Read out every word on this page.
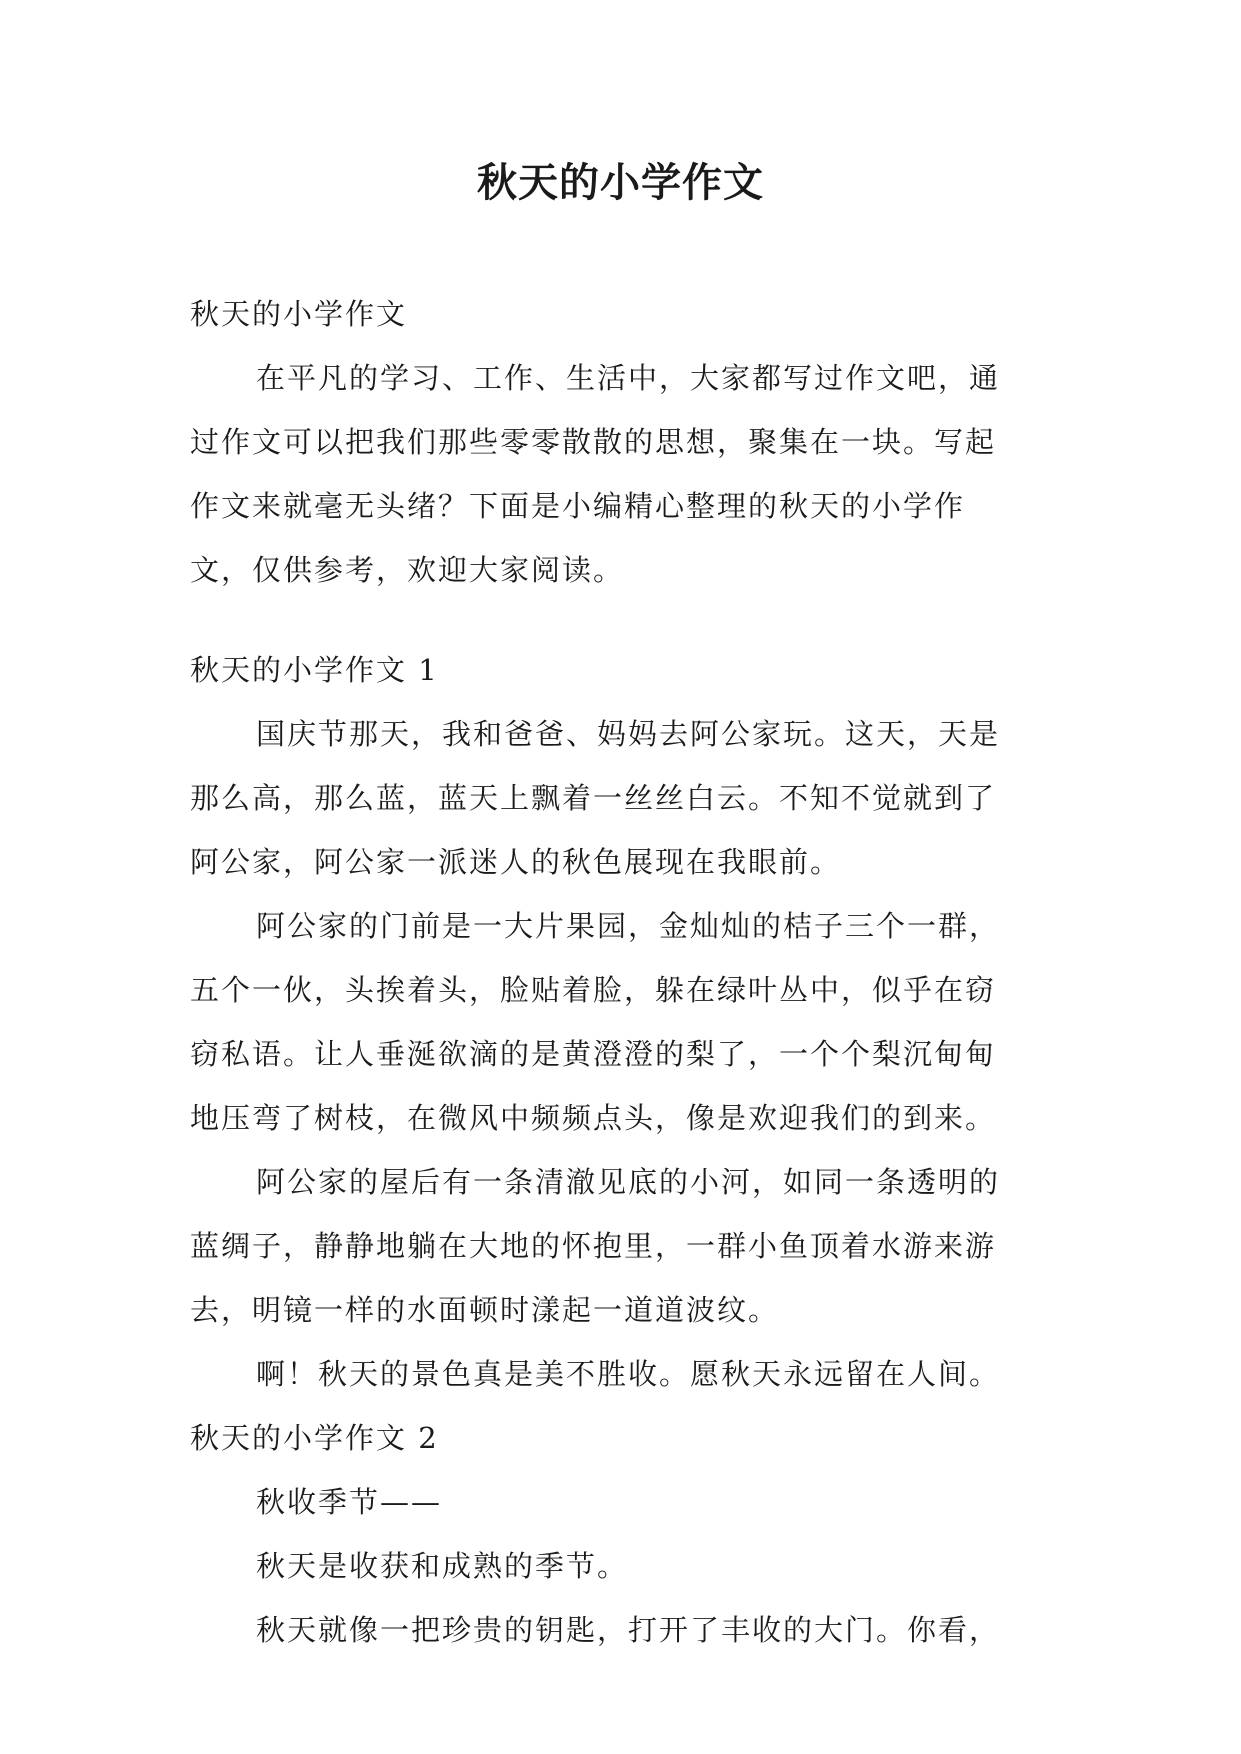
秋天的小学作文
秋天的小学作文
在平凡的学习、工作、生活中，大家都写过作文吧，通
过作文可以把我们那些零零散散的思想，聚集在一块。写起
作文来就毫无头绪？下面是小编精心整理的秋天的小学作
文，仅供参考，欢迎大家阅读。
秋天的小学作文 1
国庆节那天，我和爸爸、妈妈去阿公家玩。这天，天是
那么高，那么蓝，蓝天上飘着一丝丝白云。不知不觉就到了
阿公家，阿公家一派迷人的秋色展现在我眼前。
阿公家的门前是一大片果园，金灿灿的桔子三个一群，
五个一伙，头挨着头，脸贴着脸，躲在绿叶丛中，似乎在窃
窃私语。让人垂涎欲滴的是黄澄澄的梨了，一个个梨沉甸甸
地压弯了树枝，在微风中频频点头，像是欢迎我们的到来。
阿公家的屋后有一条清澈见底的小河，如同一条透明的
蓝绸子，静静地躺在大地的怀抱里，一群小鱼顶着水游来游
去，明镜一样的水面顿时漾起一道道波纹。
啊！秋天的景色真是美不胜收。愿秋天永远留在人间。
秋天的小学作文 2
秋收季节——
秋天是收获和成熟的季节。
秋天就像一把珍贵的钥匙，打开了丰收的大门。你看，
